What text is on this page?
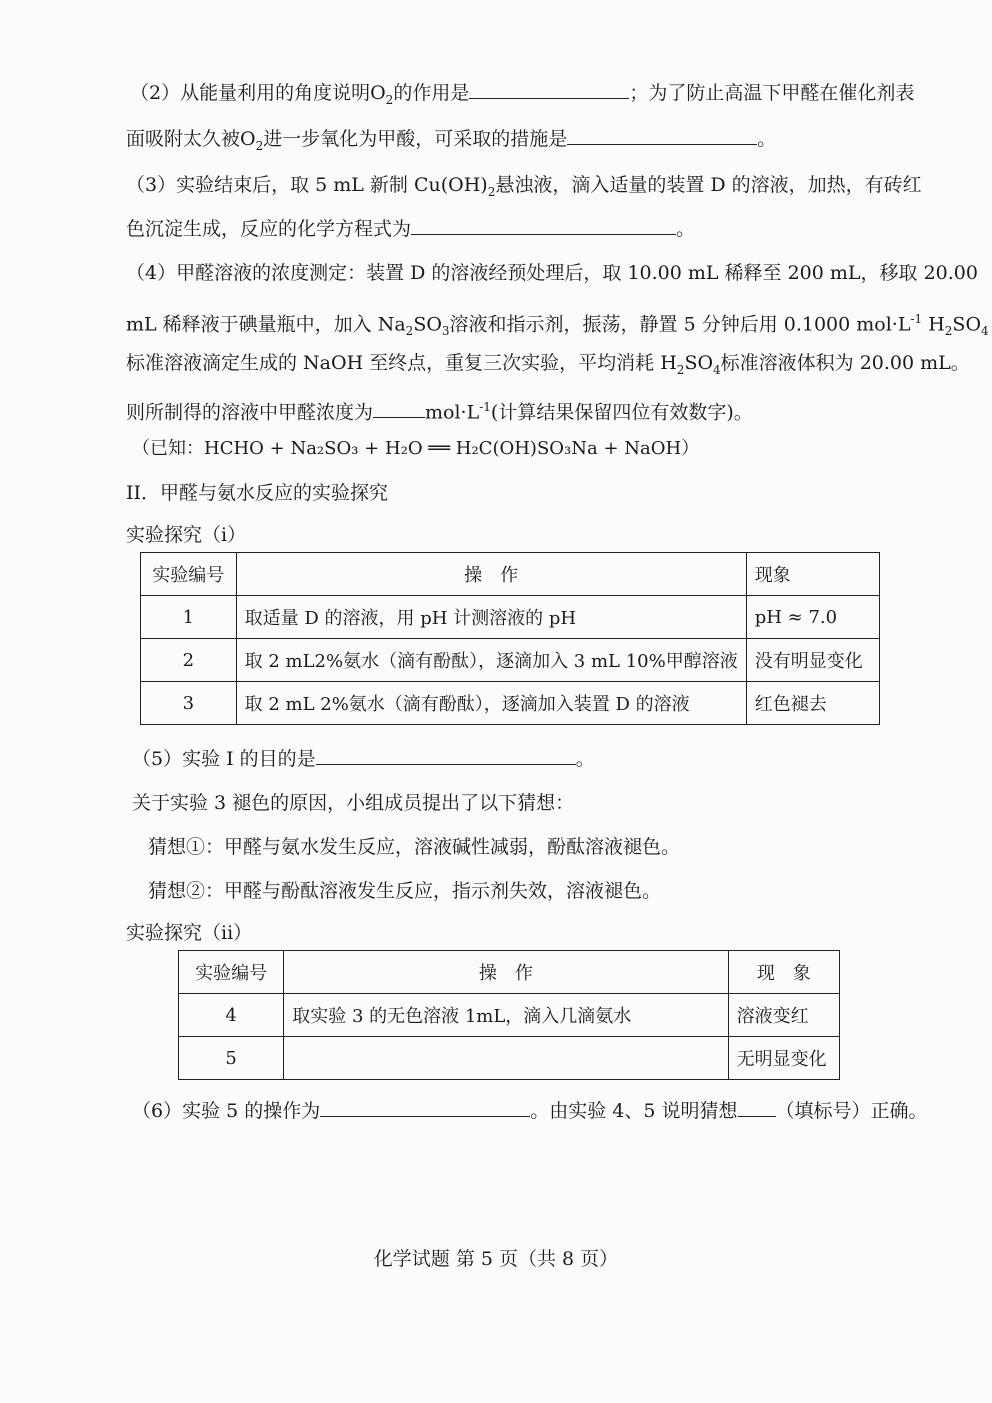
（2）从能量利用的角度说明$O_2$的作用是	；为了防止高温下甲醛在催化剂表
面吸附太久被$O_2$进一步氧化为甲酸，可采取的措施是	。
（3）实验结束后，取 5 mL 新制 $Cu(OH)_2$悬浊液，滴入适量的装置 D 的溶液，加热，有砖红
色沉淀生成，反应的化学方程式为	。
（4）甲醛溶液的浓度测定：装置 D 的溶液经预处理后，取 10.00 mL 稀释至 200 mL，移取 20.00
mL 稀释液于碘量瓶中，加入 $Na_2SO_3$溶液和指示剂，振荡，静置 5 分钟后用 0.1000 $mol\cdot L^{-1}$ $H_2SO_4$
标准溶液滴定生成的 NaOH 至终点，重复三次实验，平均消耗 $H_2SO_4$标准溶液体积为 20.00 mL。
则所制得的溶液中甲醛浓度为	$mol\cdot L^{-1}$(计算结果保留四位有效数字)。
（已知：HCHO + Na₂SO₃ + H₂O ══ H₂C(OH)SO₃Na + NaOH）
II．甲醛与氨水反应的实验探究
实验探究（i）
实验编号	操　作	现象
1	取适量 D 的溶液，用 pH 计测溶液的 pH	pH ≈ 7.0
2	取 2 mL2%氨水（滴有酚酞），逐滴加入 3 mL 10%甲醇溶液	没有明显变化
3	取 2 mL 2%氨水（滴有酚酞），逐滴加入装置 D 的溶液	红色褪去
（5）实验 I 的目的是	。
关于实验 3 褪色的原因，小组成员提出了以下猜想：
猜想①：甲醛与氨水发生反应，溶液碱性减弱，酚酞溶液褪色。
猜想②：甲醛与酚酞溶液发生反应，指示剂失效，溶液褪色。
实验探究（ii）
实验编号	操　作	现　象
4	取实验 3 的无色溶液 1mL，滴入几滴氨水	溶液变红
5		无明显变化
（6）实验 5 的操作为	。由实验 4、5 说明猜想 （填标号）正确。
化学试题 第 5 页（共 8 页）
